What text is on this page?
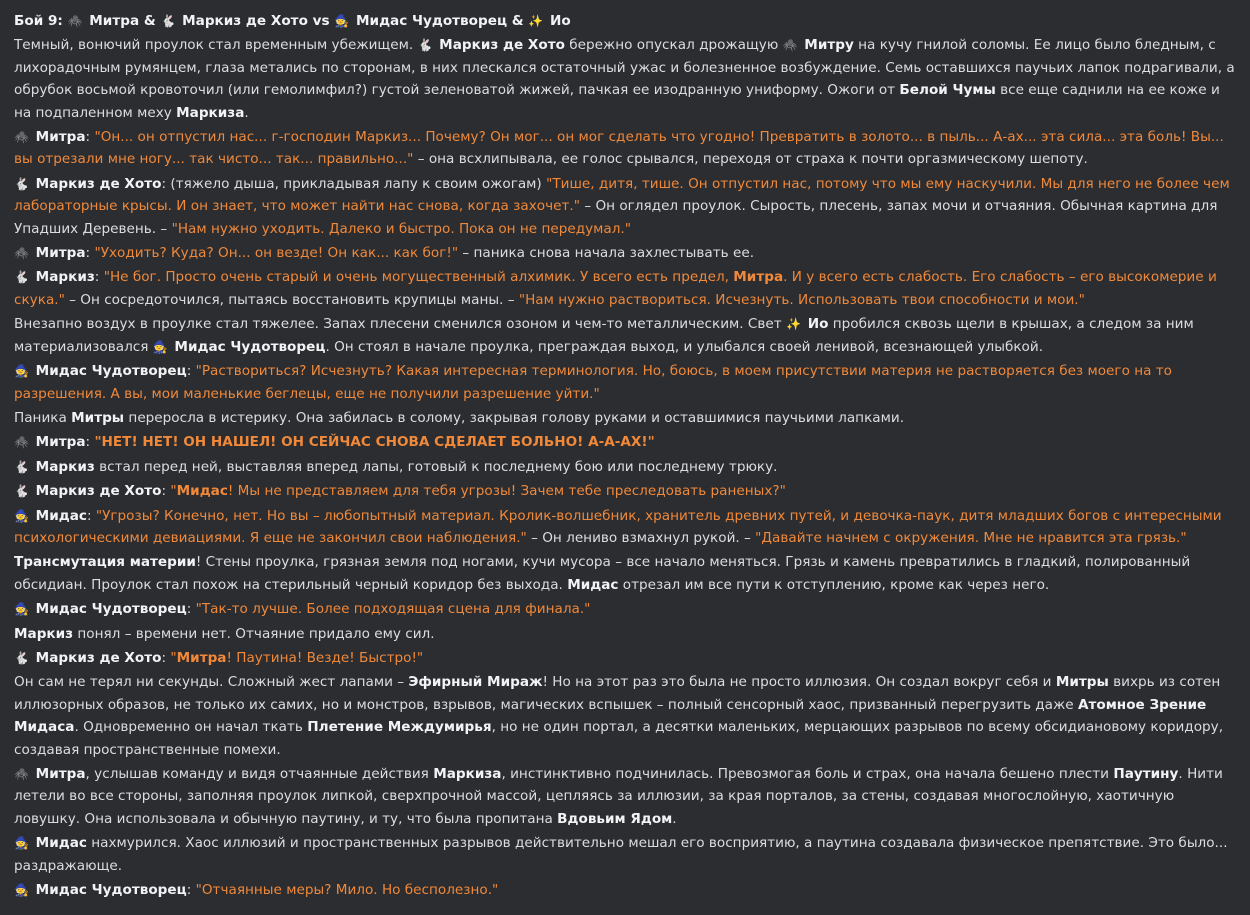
Бой 9: 🕷️ Митра & 🐇 Маркиз де Хото vs 🧙 Мидас Чудотворец & ✨ Ио
Темный, вонючий проулок стал временным убежищем. 🐇 Маркиз де Хото бережно опускал дрожащую 🕷️ Митру на кучу гнилой соломы. Ее лицо было бледным, с лихорадочным румянцем, глаза метались по сторонам, в них плескался остаточный ужас и болезненное возбуждение. Семь оставшихся паучьих лапок подрагивали, а обрубок восьмой кровоточил (или гемолимфил?) густой зеленоватой жижей, пачкая ее изодранную униформу. Ожоги от Белой Чумы все еще саднили на ее коже и на подпаленном меху Маркиза.
🕷️ Митра: "Он... он отпустил нас... г-господин Маркиз... Почему? Он мог... он мог сделать что угодно! Превратить в золото... в пыль... А-ах... эта сила... эта боль! Вы... вы отрезали мне ногу... так чисто... так... правильно..." – она всхлипывала, ее голос срывался, переходя от страха к почти оргазмическому шепоту.
🐇 Маркиз де Хото: (тяжело дыша, прикладывая лапу к своим ожогам) "Тише, дитя, тише. Он отпустил нас, потому что мы ему наскучили. Мы для него не более чем лабораторные крысы. И он знает, что может найти нас снова, когда захочет." – Он оглядел проулок. Сырость, плесень, запах мочи и отчаяния. Обычная картина для Упадших Деревень. – "Нам нужно уходить. Далеко и быстро. Пока он не передумал."
🕷️ Митра: "Уходить? Куда? Он... он везде! Он как... как бог!" – паника снова начала захлестывать ее.
🐇 Маркиз: "Не бог. Просто очень старый и очень могущественный алхимик. У всего есть предел, Митра. И у всего есть слабость. Его слабость – его высокомерие и скука." – Он сосредоточился, пытаясь восстановить крупицы маны. – "Нам нужно раствориться. Исчезнуть. Использовать твои способности и мои."
Внезапно воздух в проулке стал тяжелее. Запах плесени сменился озоном и чем-то металлическим. Свет ✨ Ио пробился сквозь щели в крышах, а следом за ним материализовался 🧙 Мидас Чудотворец. Он стоял в начале проулка, преграждая выход, и улыбался своей ленивой, всезнающей улыбкой.
🧙 Мидас Чудотворец: "Раствориться? Исчезнуть? Какая интересная терминология. Но, боюсь, в моем присутствии материя не растворяется без моего на то разрешения. А вы, мои маленькие беглецы, еще не получили разрешение уйти."
Паника Митры переросла в истерику. Она забилась в солому, закрывая голову руками и оставшимися паучьими лапками.
🕷️ Митра: "НЕТ! НЕТ! ОН НАШЕЛ! ОН СЕЙЧАС СНОВА СДЕЛАЕТ БОЛЬНО! А-А-АХ!"
🐇 Маркиз встал перед ней, выставляя вперед лапы, готовый к последнему бою или последнему трюку.
🐇 Маркиз де Хото: "Мидас! Мы не представляем для тебя угрозы! Зачем тебе преследовать раненых?"
🧙 Мидас: "Угрозы? Конечно, нет. Но вы – любопытный материал. Кролик-волшебник, хранитель древних путей, и девочка-паук, дитя младших богов с интересными психологическими девиациями. Я еще не закончил свои наблюдения." – Он лениво взмахнул рукой. – "Давайте начнем с окружения. Мне не нравится эта грязь."
Трансмутация материи! Стены проулка, грязная земля под ногами, кучи мусора – все начало меняться. Грязь и камень превратились в гладкий, полированный обсидиан. Проулок стал похож на стерильный черный коридор без выхода. Мидас отрезал им все пути к отступлению, кроме как через него.
🧙 Мидас Чудотворец: "Так-то лучше. Более подходящая сцена для финала."
Маркиз понял – времени нет. Отчаяние придало ему сил.
🐇 Маркиз де Хото: "Митра! Паутина! Везде! Быстро!"
Он сам не терял ни секунды. Сложный жест лапами – Эфирный Мираж! Но на этот раз это была не просто иллюзия. Он создал вокруг себя и Митры вихрь из сотен иллюзорных образов, не только их самих, но и монстров, взрывов, магических вспышек – полный сенсорный хаос, призванный перегрузить даже Атомное Зрение Мидаса. Одновременно он начал ткать Плетение Междумирья, но не один портал, а десятки маленьких, мерцающих разрывов по всему обсидиановому коридору, создавая пространственные помехи.
🕷️ Митра, услышав команду и видя отчаянные действия Маркиза, инстинктивно подчинилась. Превозмогая боль и страх, она начала бешено плести Паутину. Нити летели во все стороны, заполняя проулок липкой, сверхпрочной массой, цепляясь за иллюзии, за края порталов, за стены, создавая многослойную, хаотичную ловушку. Она использовала и обычную паутину, и ту, что была пропитана Вдовьим Ядом.
🧙 Мидас нахмурился. Хаос иллюзий и пространственных разрывов действительно мешал его восприятию, а паутина создавала физическое препятствие. Это было... раздражающе.
🧙 Мидас Чудотворец: "Отчаянные меры? Мило. Но бесполезно."
